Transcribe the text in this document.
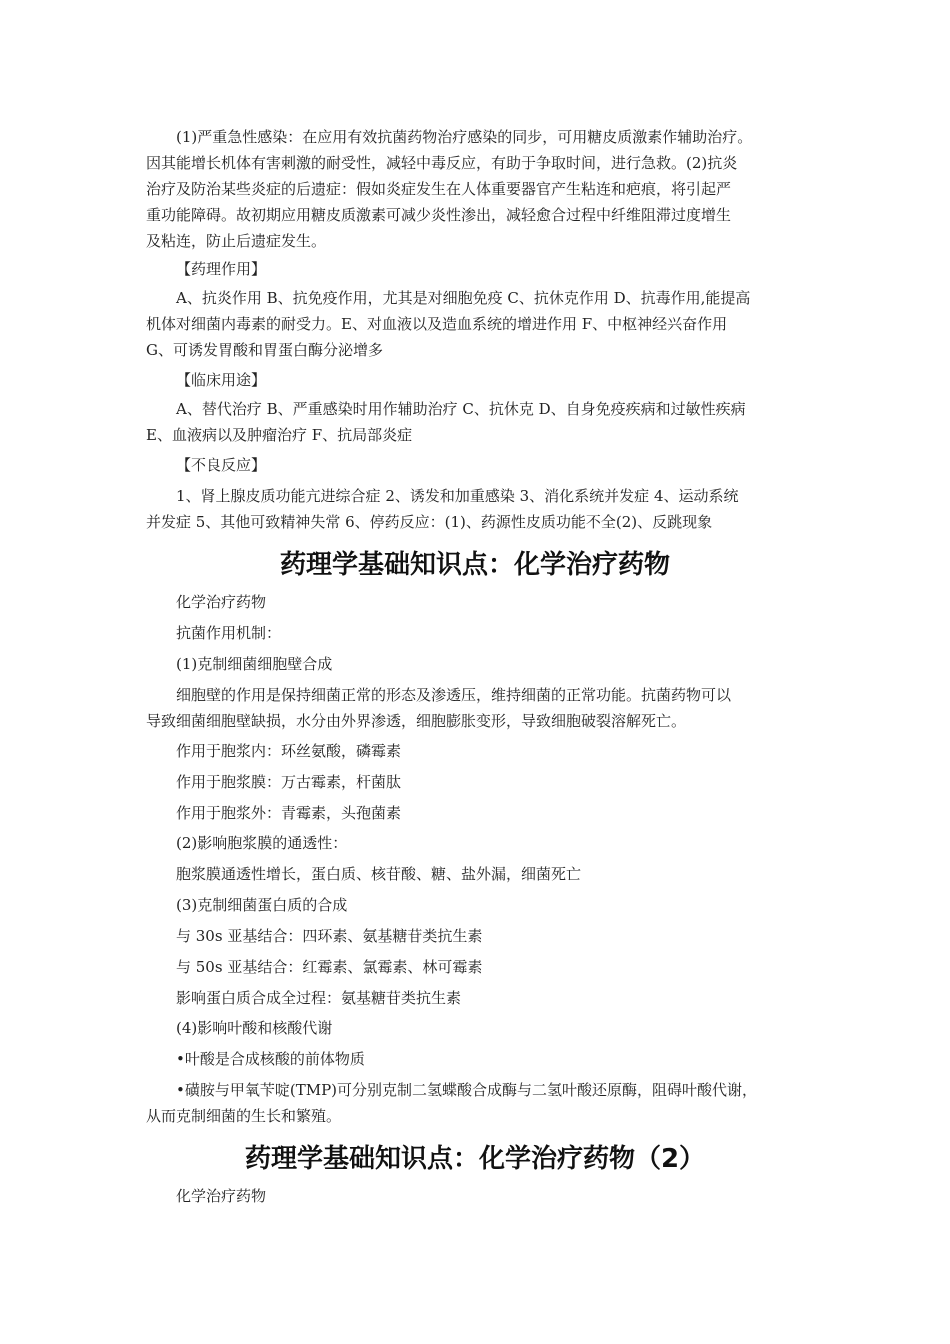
(1)严重急性感染：在应用有效抗菌药物治疗感染的同步，可用糖皮质激素作辅助治疗。
因其能增长机体有害刺激的耐受性，减轻中毒反应，有助于争取时间，进行急救。(2)抗炎
治疗及防治某些炎症的后遗症：假如炎症发生在人体重要器官产生粘连和疤痕，将引起严
重功能障碍。故初期应用糖皮质激素可减少炎性渗出，减轻愈合过程中纤维阻滞过度增生
及粘连，防止后遗症发生。

【药理作用】

A、抗炎作用 B、抗免疫作用，尤其是对细胞免疫 C、抗休克作用 D、抗毒作用,能提高
机体对细菌内毒素的耐受力。E、对血液以及造血系统的增进作用 F、中枢神经兴奋作用
G、可诱发胃酸和胃蛋白酶分泌增多

【临床用途】

A、替代治疗 B、严重感染时用作辅助治疗 C、抗休克 D、自身免疫疾病和过敏性疾病
E、血液病以及肿瘤治疗 F、抗局部炎症

【不良反应】

1、肾上腺皮质功能亢进综合症 2、诱发和加重感染 3、消化系统并发症 4、运动系统
并发症 5、其他可致精神失常 6、停药反应：(1)、药源性皮质功能不全(2)、反跳现象

药理学基础知识点：化学治疗药物

化学治疗药物

抗菌作用机制：

(1)克制细菌细胞壁合成

细胞壁的作用是保持细菌正常的形态及渗透压，维持细菌的正常功能。抗菌药物可以
导致细菌细胞壁缺损，水分由外界渗透，细胞膨胀变形，导致细胞破裂溶解死亡。

作用于胞浆内：环丝氨酸，磷霉素

作用于胞浆膜：万古霉素，杆菌肽

作用于胞浆外：青霉素，头孢菌素

(2)影响胞浆膜的通透性：

胞浆膜通透性增长，蛋白质、核苷酸、糖、盐外漏，细菌死亡

(3)克制细菌蛋白质的合成

与 30s 亚基结合：四环素、氨基糖苷类抗生素

与 50s 亚基结合：红霉素、氯霉素、林可霉素

影响蛋白质合成全过程：氨基糖苷类抗生素

(4)影响叶酸和核酸代谢

•叶酸是合成核酸的前体物质

•磺胺与甲氧苄啶(TMP)可分别克制二氢蝶酸合成酶与二氢叶酸还原酶，阻碍叶酸代谢，
从而克制细菌的生长和繁殖。

药理学基础知识点：化学治疗药物（2）

化学治疗药物
